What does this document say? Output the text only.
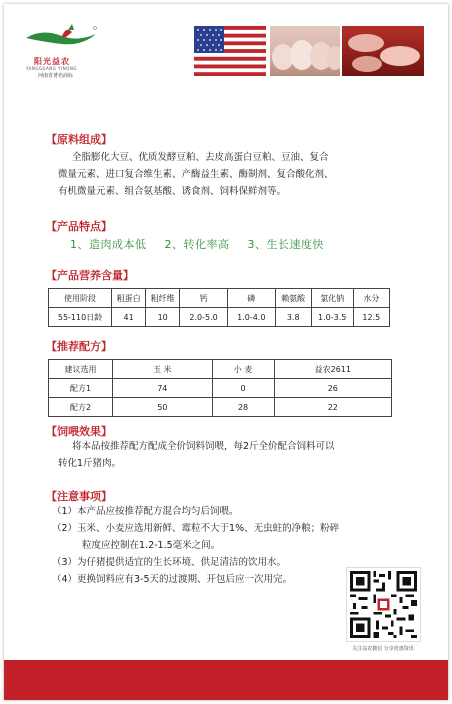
阳光益农
YANGGUANG YINONG
河南省著名商标
【原料组成】
全脂膨化大豆、优质发酵豆粕、去皮高蛋白豆粕、豆油、复合
微量元素、进口复合维生素、产酶益生素、酶制剂、复合酸化剂、
有机微量元素、组合氨基酸、诱食剂、饲料保鲜剂等。
【产品特点】
1、造肉成本低 2、转化率高 3、生长速度快
【产品营养含量】
使用阶段	粗蛋白	粗纤维	钙	磷	赖氨酸	氯化钠	水分
55-110日龄	41	10	2.0-5.0	1.0-4.0	3.8	1.0-3.5	12.5
【推荐配方】
建议选用	玉 米	小 麦	益农2611
配方1	74	0	26
配方2	50	28	22
【饲喂效果】
将本品按推荐配方配成全价饲料饲喂，每2斤全价配合饲料可以
转化1斤猪肉。
【注意事项】
（1）本产品应按推荐配方混合均匀后饲喂。
（2）玉米、小麦应选用新鲜、霉粒不大于1%、无虫蛀的净粮；粉碎
粒度应控制在1.2-1.5毫米之间。
（3）为仔猪提供适宜的生长环境、供足清洁的饮用水。
（4）更换饲料应有3-5天的过渡期、开包后应一次用完。
关注益农微信 分享优惠资讯
